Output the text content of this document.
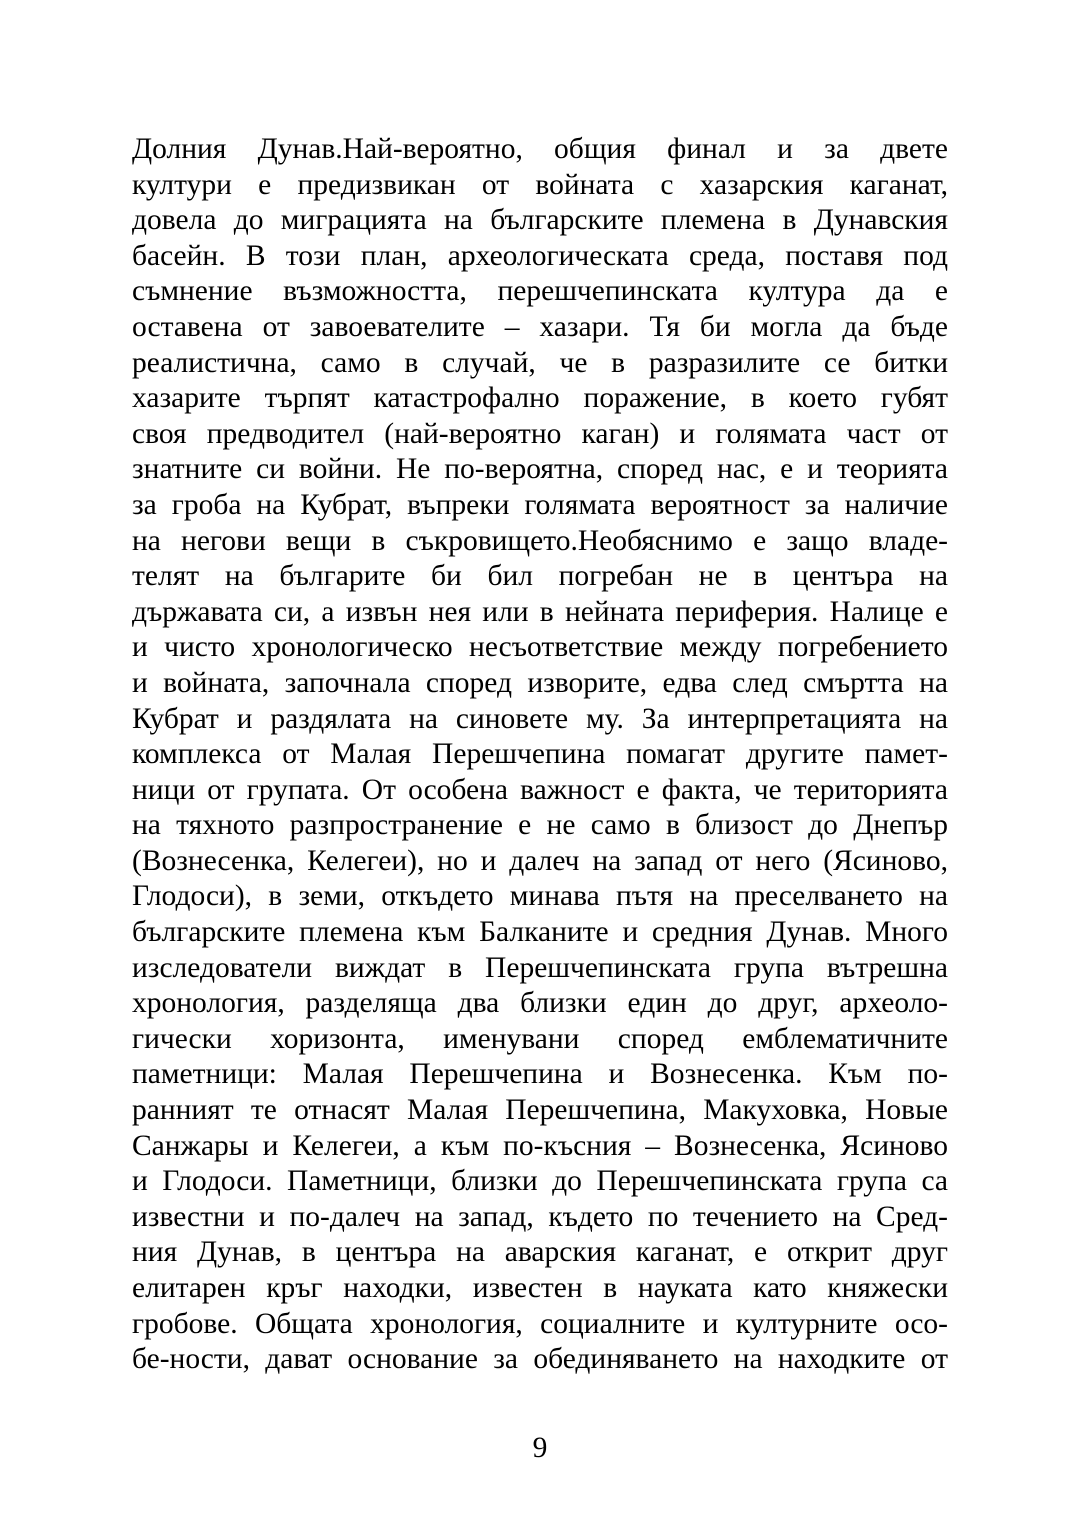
Долния Дунав.Най-вероятно, общия финал и за двете
култури е предизвикан от войната с хазарския каганат,
довела до миграцията на българските племена в Дунавския
басейн. В този план, археологическата среда, поставя под
съмнение възможността, перешчепинската култура да е
оставена от завоевателите – хазари. Тя би могла да бъде
реалистична, само в случай, че в разразилите се битки
хазарите търпят катастрофално поражение, в което губят
своя предводител (най-вероятно каган) и голямата част от
знатните си войни. Не по-вероятна, според нас, е и теорията
за гроба на Кубрат, въпреки голямата вероятност за наличие
на негови вещи в съкровището.Необяснимо е защо владе-
телят на българите би бил погребан не в центъра на
държавата си, а извън нея или в нейната периферия. Налице е
и чисто хронологическо несъответствие между погребението
и войната, започнала според изворите, едва след смъртта на
Кубрат и раздялата на синовете му. За интерпретацията на
комплекса от Малая Перешчепина помагат другите памет-
ници от групата. От особена важност е факта, че територията
на тяхното разпространение е не само в близост до Днепър
(Вознесенка, Келегеи), но и далеч на запад от него (Ясиново,
Глодоси), в земи, откъдето минава пътя на преселването на
българските племена към Балканите и средния Дунав. Много
изследователи виждат в Перешчепинската група вътрешна
хронология, разделяща два близки един до друг, археоло-
гически хоризонта, именувани според емблематичните
паметници: Малая Перешчепина и Вознесенка. Към по-
ранният те отнасят Малая Перешчепина, Макуховка, Новые
Санжары и Келегеи, а към по-късния – Вознесенка, Ясиново
и Глодоси. Паметници, близки до Перешчепинската група са
известни и по-далеч на запад, където по течението на Сред-
ния Дунав, в центъра на аварския каганат, е открит друг
елитарен кръг находки, известен в науката като княжески
гробове. Общата хронология, социалните и културните осо-
бе-ности, дават основание за обединяването на находките от
9
